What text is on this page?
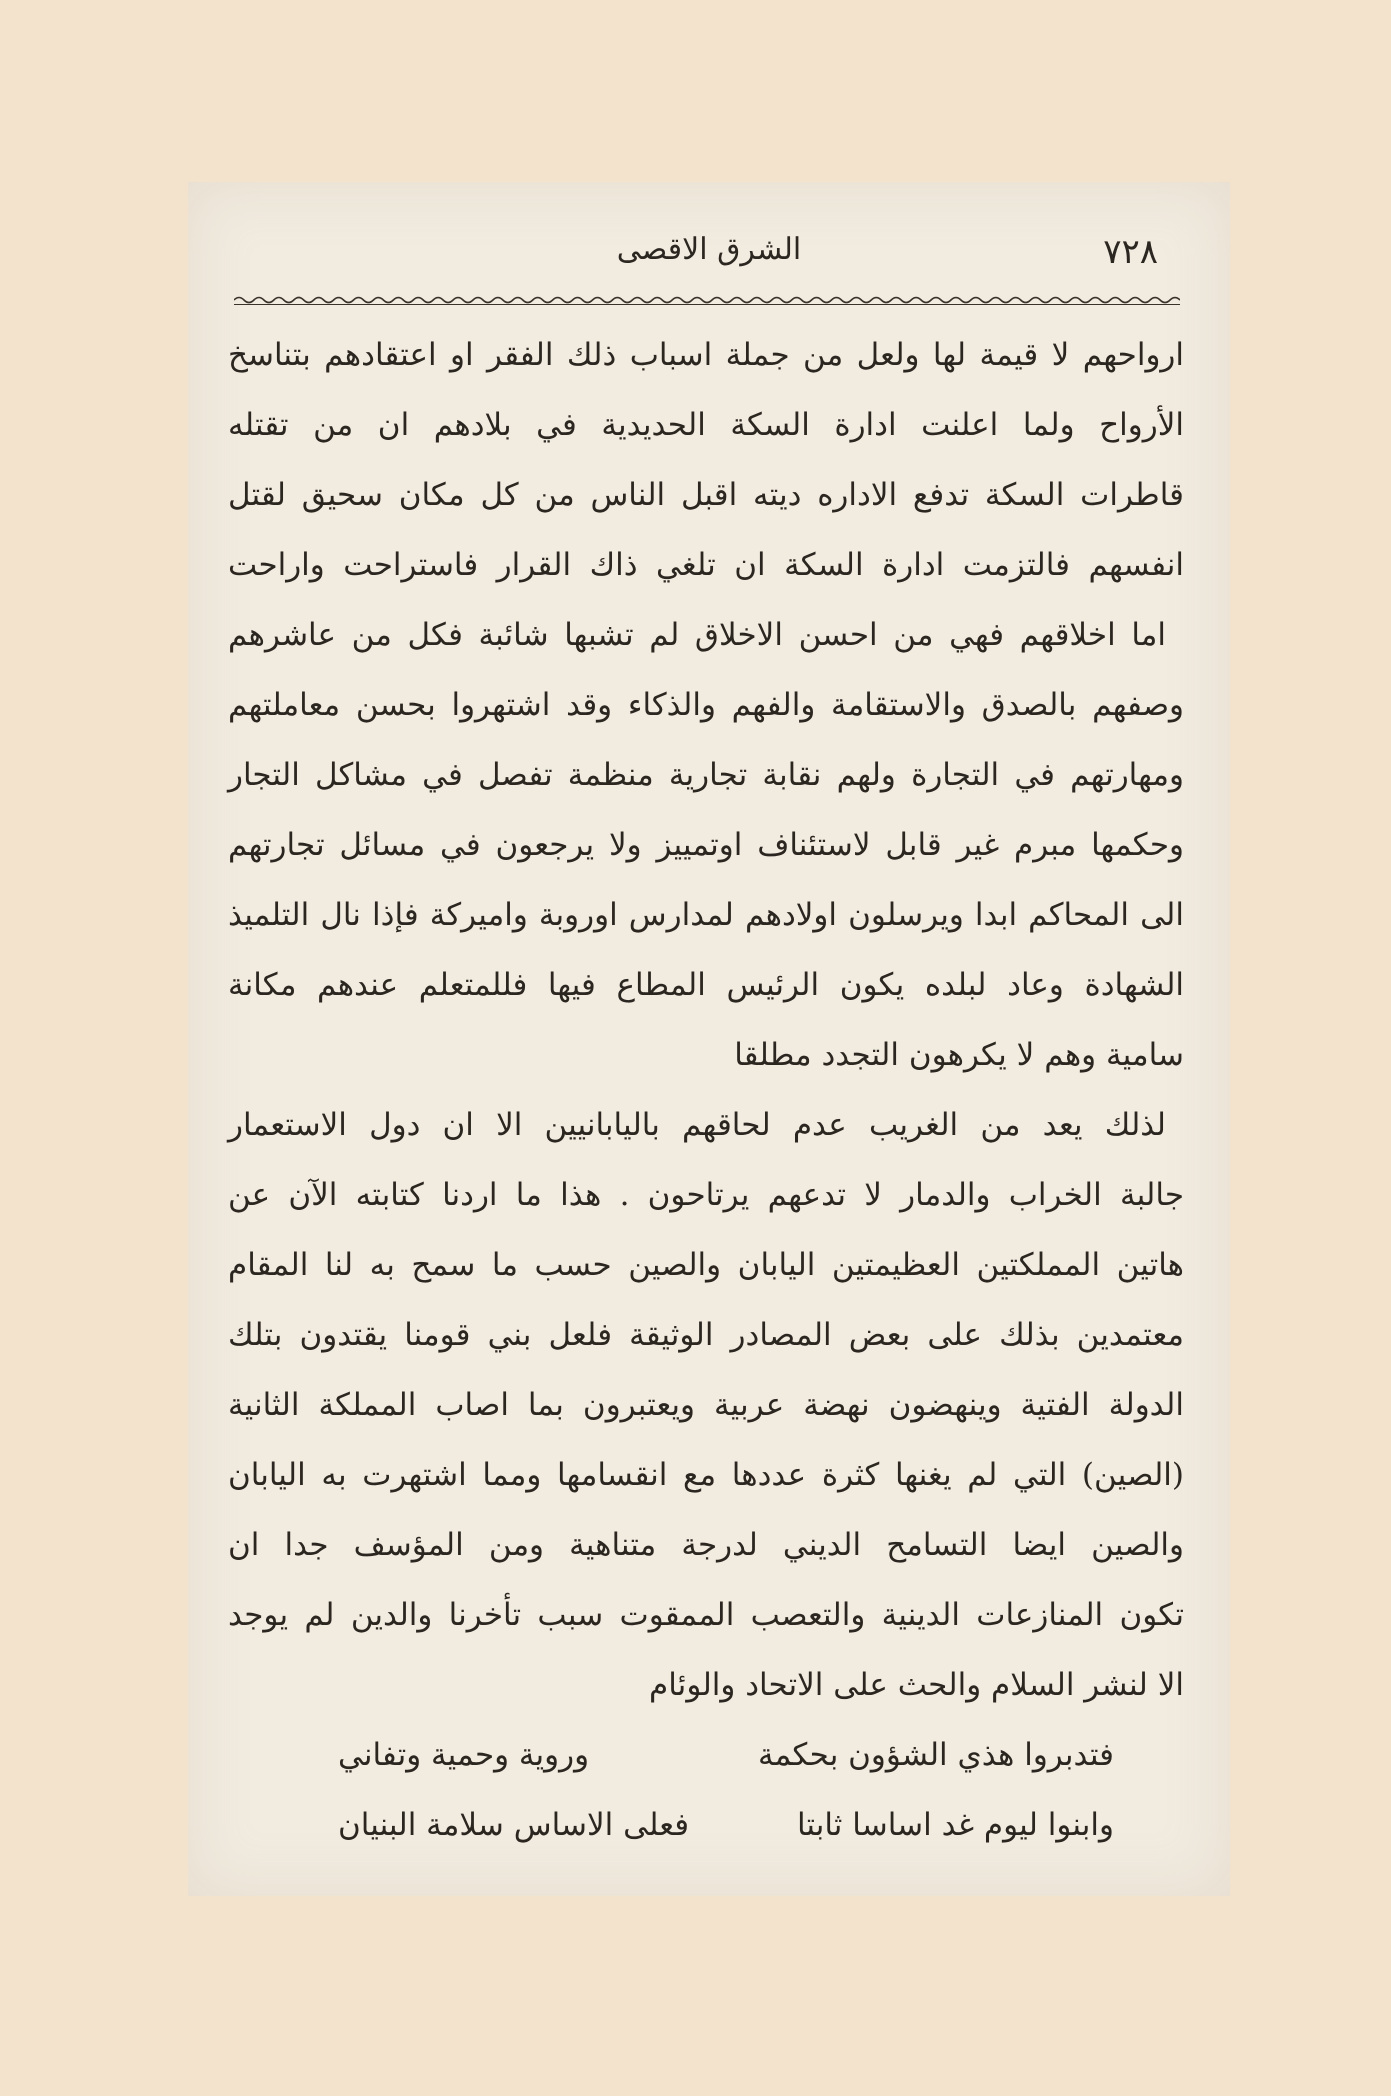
٧٢٨
الشرق الاقصى
ارواحهم لا قيمة لها ولعل من جملة اسباب ذلك الفقر او اعتقادهم بتناسخ
الأرواح ولما اعلنت ادارة السكة الحديدية في بلادهم ان من تقتله
قاطرات السكة تدفع الاداره ديته اقبل الناس من كل مكان سحيق لقتل
انفسهم فالتزمت ادارة السكة ان تلغي ذاك القرار فاستراحت واراحت
اما اخلاقهم فهي من احسن الاخلاق لم تشبها شائبة فكل من عاشرهم
وصفهم بالصدق والاستقامة والفهم والذكاء وقد اشتهروا بحسن معاملتهم
ومهارتهم في التجارة ولهم نقابة تجارية منظمة تفصل في مشاكل التجار
وحكمها مبرم غير قابل لاستئناف اوتمييز ولا يرجعون في مسائل تجارتهم
الى المحاكم ابدا ويرسلون اولادهم لمدارس اوروبة واميركة فإذا نال التلميذ
الشهادة وعاد لبلده يكون الرئيس المطاع فيها فللمتعلم عندهم مكانة
سامية وهم لا يكرهون التجدد مطلقا
لذلك يعد من الغريب عدم لحاقهم باليابانيين الا ان دول الاستعمار
جالبة الخراب والدمار لا تدعهم يرتاحون . هذا ما اردنا كتابته الآن عن
هاتين المملكتين العظيمتين اليابان والصين حسب ما سمح به لنا المقام
معتمدين بذلك على بعض المصادر الوثيقة فلعل بني قومنا يقتدون بتلك
الدولة الفتية وينهضون نهضة عربية ويعتبرون بما اصاب المملكة الثانية
(الصين) التي لم يغنها كثرة عددها مع انقسامها ومما اشتهرت به اليابان
والصين ايضا التسامح الديني لدرجة متناهية ومن المؤسف جدا ان
تكون المنازعات الدينية والتعصب الممقوت سبب تأخرنا والدين لم يوجد
الا لنشر السلام والحث على الاتحاد والوئام
فتدبروا هذي الشؤون بحكمة
وروية وحمية وتفاني
وابنوا ليوم غد اساسا ثابتا
فعلى الاساس سلامة البنيان
